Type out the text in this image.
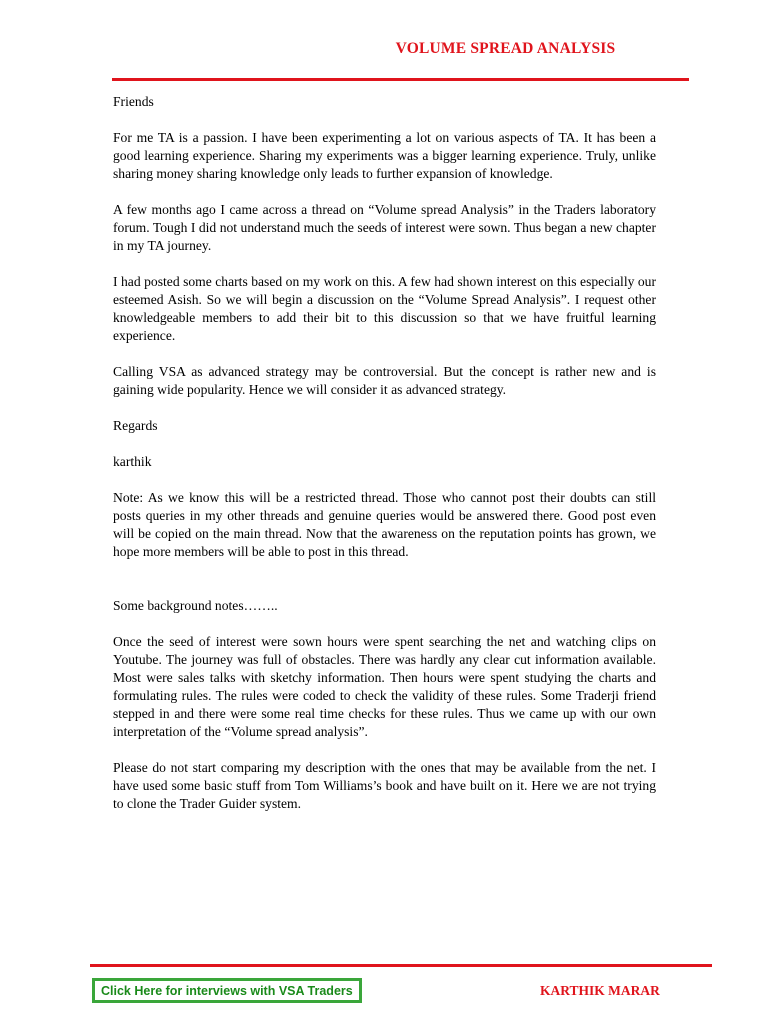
VOLUME SPREAD ANALYSIS

Friends

For me TA is a passion. I have been experimenting a lot on various aspects of TA. It has been a good learning experience. Sharing my experiments was a bigger learning experience. Truly, unlike sharing money sharing knowledge only leads to further expansion of knowledge.

A few months ago I came across a thread on “Volume spread Analysis” in the Traders laboratory forum. Tough I did not understand much the seeds of interest were sown. Thus began a new chapter in my TA journey.

I had posted some charts based on my work on this. A few had shown interest on this especially our esteemed Asish. So we will begin a discussion on the “Volume Spread Analysis”. I request other knowledgeable members to add their bit to this discussion so that we have fruitful learning experience.

Calling VSA as advanced strategy may be controversial. But the concept is rather new and is gaining wide popularity. Hence we will consider it as advanced strategy.

Regards

karthik

Note: As we know this will be a restricted thread. Those who cannot post their doubts can still posts queries in my other threads and genuine queries would be answered there. Good post even will be copied on the main thread. Now that the awareness on the reputation points has grown, we hope more members will be able to post in this thread.

Some background notes……..

Once the seed of interest were sown hours were spent searching the net and watching clips on Youtube. The journey was full of obstacles. There was hardly any clear cut information available. Most were sales talks with sketchy information. Then hours were spent studying the charts and formulating rules. The rules were coded to check the validity of these rules. Some Traderji friend stepped in and there were some real time checks for these rules. Thus we came up with our own interpretation of the “Volume spread analysis”.

Please do not start comparing my description with the ones that may be available from the net. I have used some basic stuff from Tom Williams’s book and have built on it. Here we are not trying to clone the Trader Guider system.

Click Here for interviews with VSA Traders	KARTHIK MARAR
